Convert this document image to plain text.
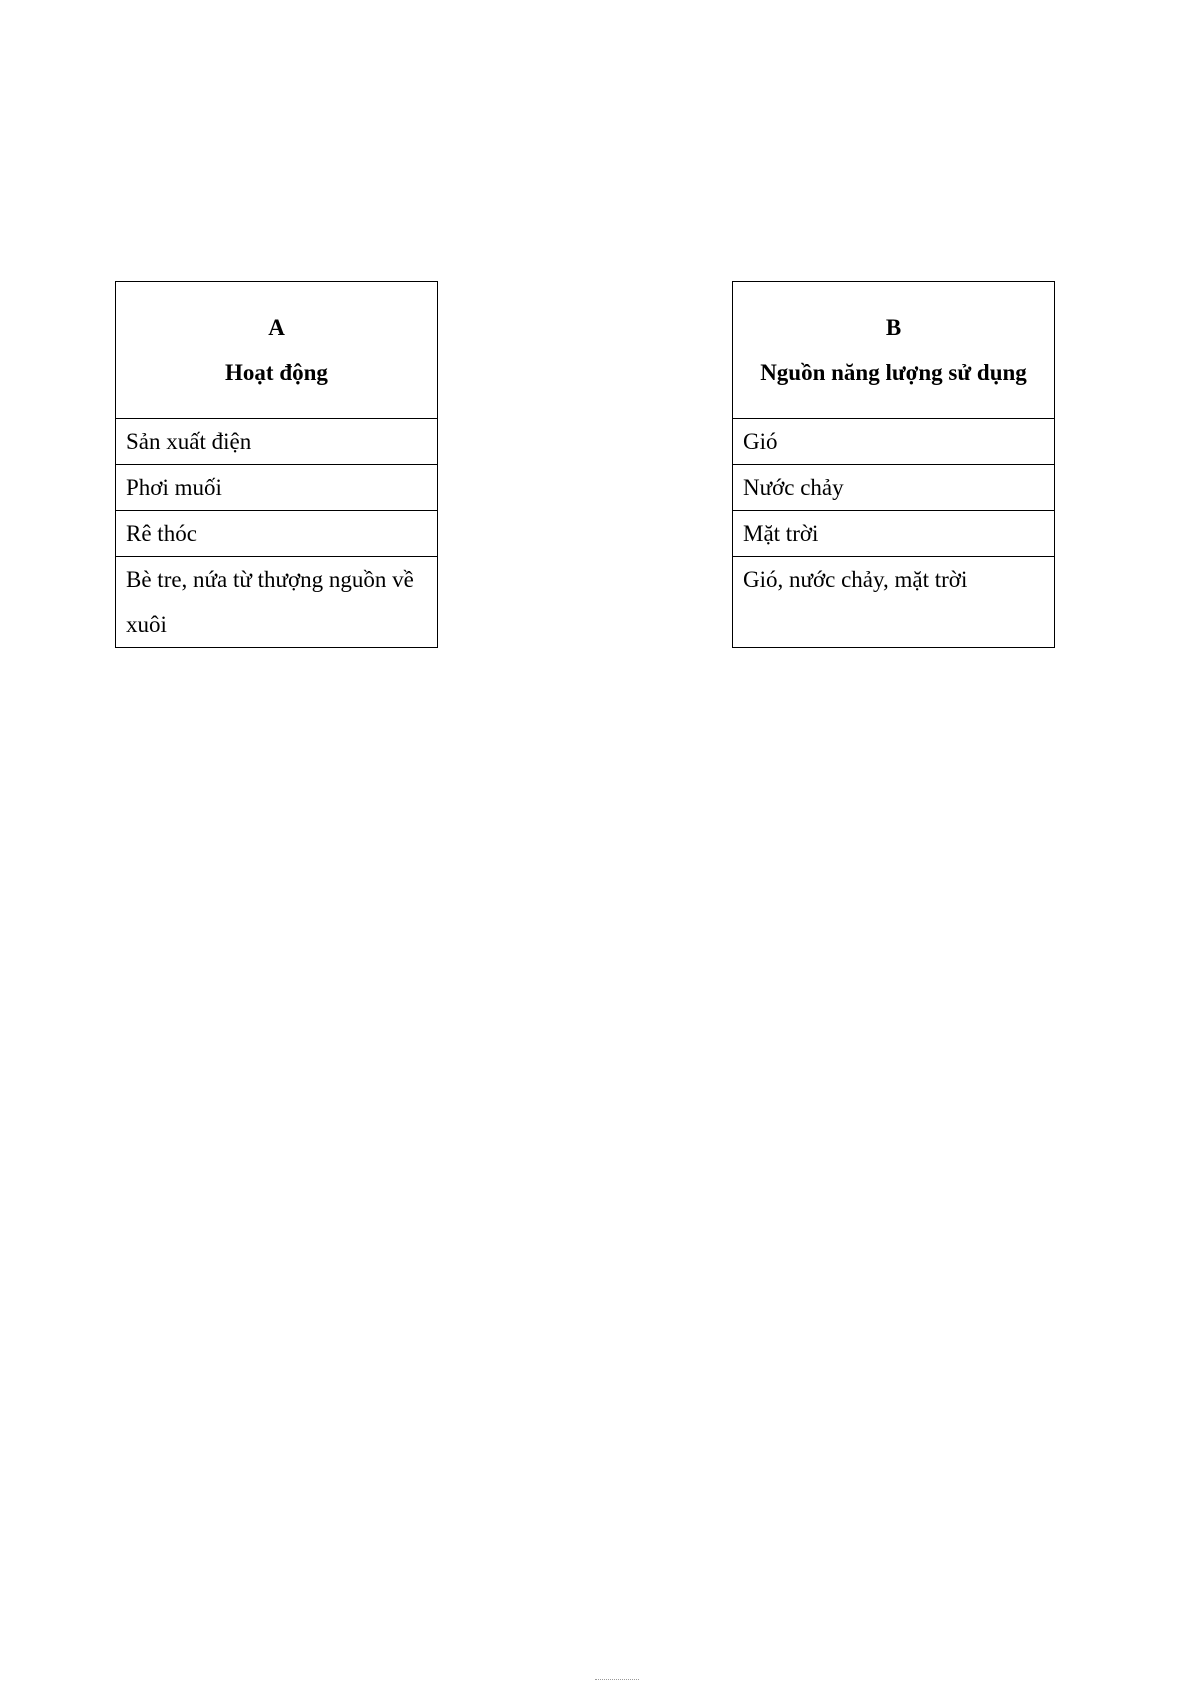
A
Hoạt động

Sản xuất điện
Phơi muối
Rê thóc
Bè tre, nứa từ thượng nguồn về xuôi
B
Nguồn năng lượng sử dụng

Gió
Nước chảy
Mặt trời
Gió, nước chảy, mặt trời
